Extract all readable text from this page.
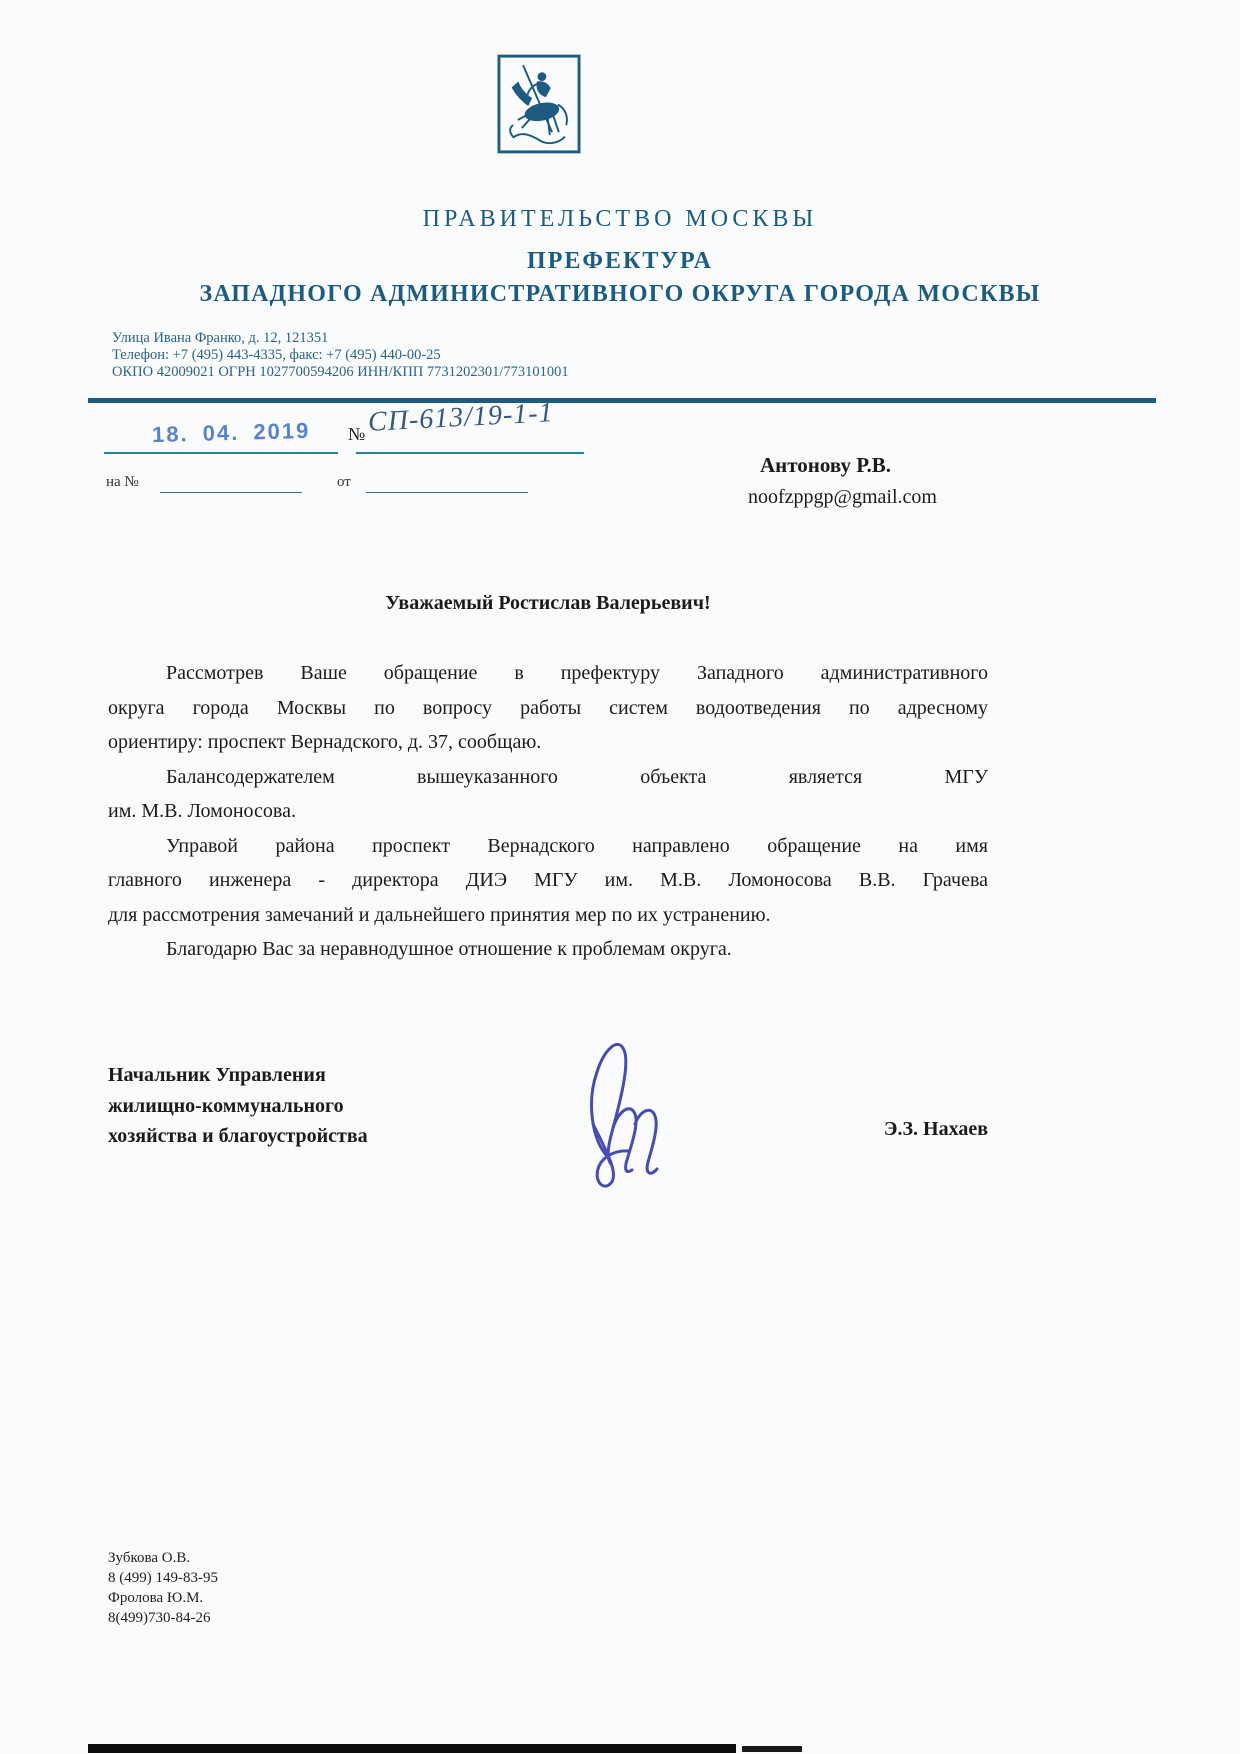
ПРАВИТЕЛЬСТВО МОСКВЫ
ПРЕФЕКТУРА
ЗАПАДНОГО АДМИНИСТРАТИВНОГО ОКРУГА ГОРОДА МОСКВЫ
Улица Ивана Франко, д. 12, 121351
Телефон: +7 (495) 443-4335, факс: +7 (495) 440-00-25
ОКПО 42009021 ОГРН 1027700594206 ИНН/КПП 7731202301/773101001
18. 04. 2019 № СП-613/19-1-1
на №	от
Антонову Р.В.
noofzppgp@gmail.com
Уважаемый Ростислав Валерьевич!
Рассмотрев Ваше обращение в префектуру Западного административного
округа города Москвы по вопросу работы систем водоотведения по адресному
ориентиру: проспект Вернадского, д. 37, сообщаю.
Балансодержателем вышеуказанного объекта является МГУ
им. М.В. Ломоносова.
Управой района проспект Вернадского направлено обращение на имя
главного инженера - директора ДИЭ МГУ им. М.В. Ломоносова В.В. Грачева
для рассмотрения замечаний и дальнейшего принятия мер по их устранению.
Благодарю Вас за неравнодушное отношение к проблемам округа.
Начальник Управления
жилищно-коммунального
хозяйства и благоустройства	Э.З. Нахаев
Зубкова О.В.
8 (499) 149-83-95
Фролова Ю.М.
8(499)730-84-26
